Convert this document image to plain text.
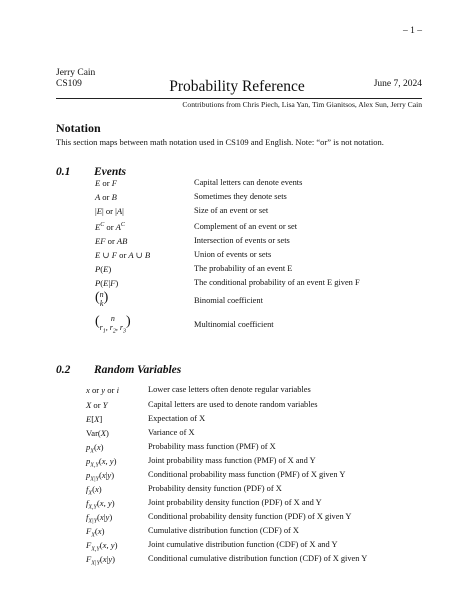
– 1 –
Jerry Cain
CS109	Probability Reference	June 7, 2024
Contributions from Chris Piech, Lisa Yan, Tim Gianitsos, Alex Sun, Jerry Cain
Notation
This section maps between math notation used in CS109 and English. Note: “or” is not notation.
0.1 Events
E or F	Capital letters can denote events
A or B	Sometimes they denote sets
|E| or |A|	Size of an event or set
$E^C$ or $A^C$	Complement of an event or set
EF or AB	Intersection of events or sets
E ∪ F or A ∪ B	Union of events or sets
P(E)	The probability of an event E
P(E|F)	The conditional probability of an event E given F
(n
k)	Binomial coefficient
( n
$r_1$, $r_2$, $r_3$)	Multinomial coefficient
0.2 Random Variables
x or y or i	Lower case letters often denote regular variables
X or Y	Capital letters are used to denote random variables
E[X]	Expectation of X
Var(X)	Variance of X
$p_X(x)$	Probability mass function (PMF) of X
$p_{X,Y}(x$, y)	Joint probability mass function (PMF) of X and Y
$p_{X|Y}(x|y)$	Conditional probability mass function (PMF) of X given Y
$f_X(x)$	Probability density function (PDF) of X
$f_{X,Y}(x$, y)	Joint probability density function (PDF) of X and Y
$f_{X|Y}(x|y)$	Conditional probability density function (PDF) of X given Y
$F_X(x)$	Cumulative distribution function (CDF) of X
$F_{X,Y}(x$, y)	Joint cumulative distribution function (CDF) of X and Y
$F_{X|Y}(x|y)$	Conditional cumulative distribution function (CDF) of X given Y
